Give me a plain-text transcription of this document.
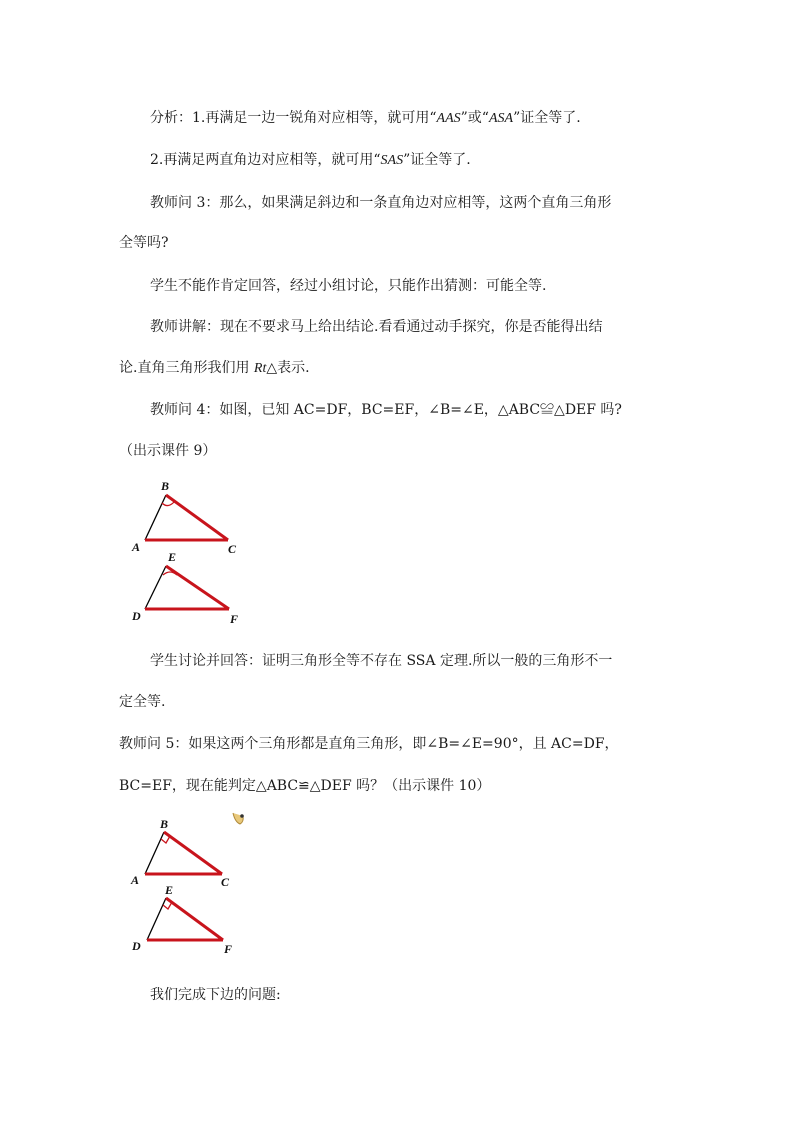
分析：1.再满足一边一锐角对应相等，就可用“AAS”或“ASA”证全等了.
2.再满足两直角边对应相等，就可用“SAS”证全等了.
教师问 3：那么，如果满足斜边和一条直角边对应相等，这两个直角三角形
全等吗?
学生不能作肯定回答，经过小组讨论，只能作出猜测：可能全等.
教师讲解：现在不要求马上给出结论.看看通过动手探究，你是否能得出结
论.直角三角形我们用 Rt△表示.
教师问 4：如图，已知 AC=DF，BC=EF，∠B=∠E，△ABC≌△DEF 吗?
（出示课件 9）
B
A	C
E
D	F
学生讨论并回答：证明三角形全等不存在 SSA 定理.所以一般的三角形不一
定全等.
教师问 5：如果这两个三角形都是直角三角形，即∠B=∠E=90°，且 AC=DF，
BC=EF，现在能判定△ABC≌△DEF 吗？（出示课件 10）
B
A	C
E
D	F
我们完成下边的问题:
